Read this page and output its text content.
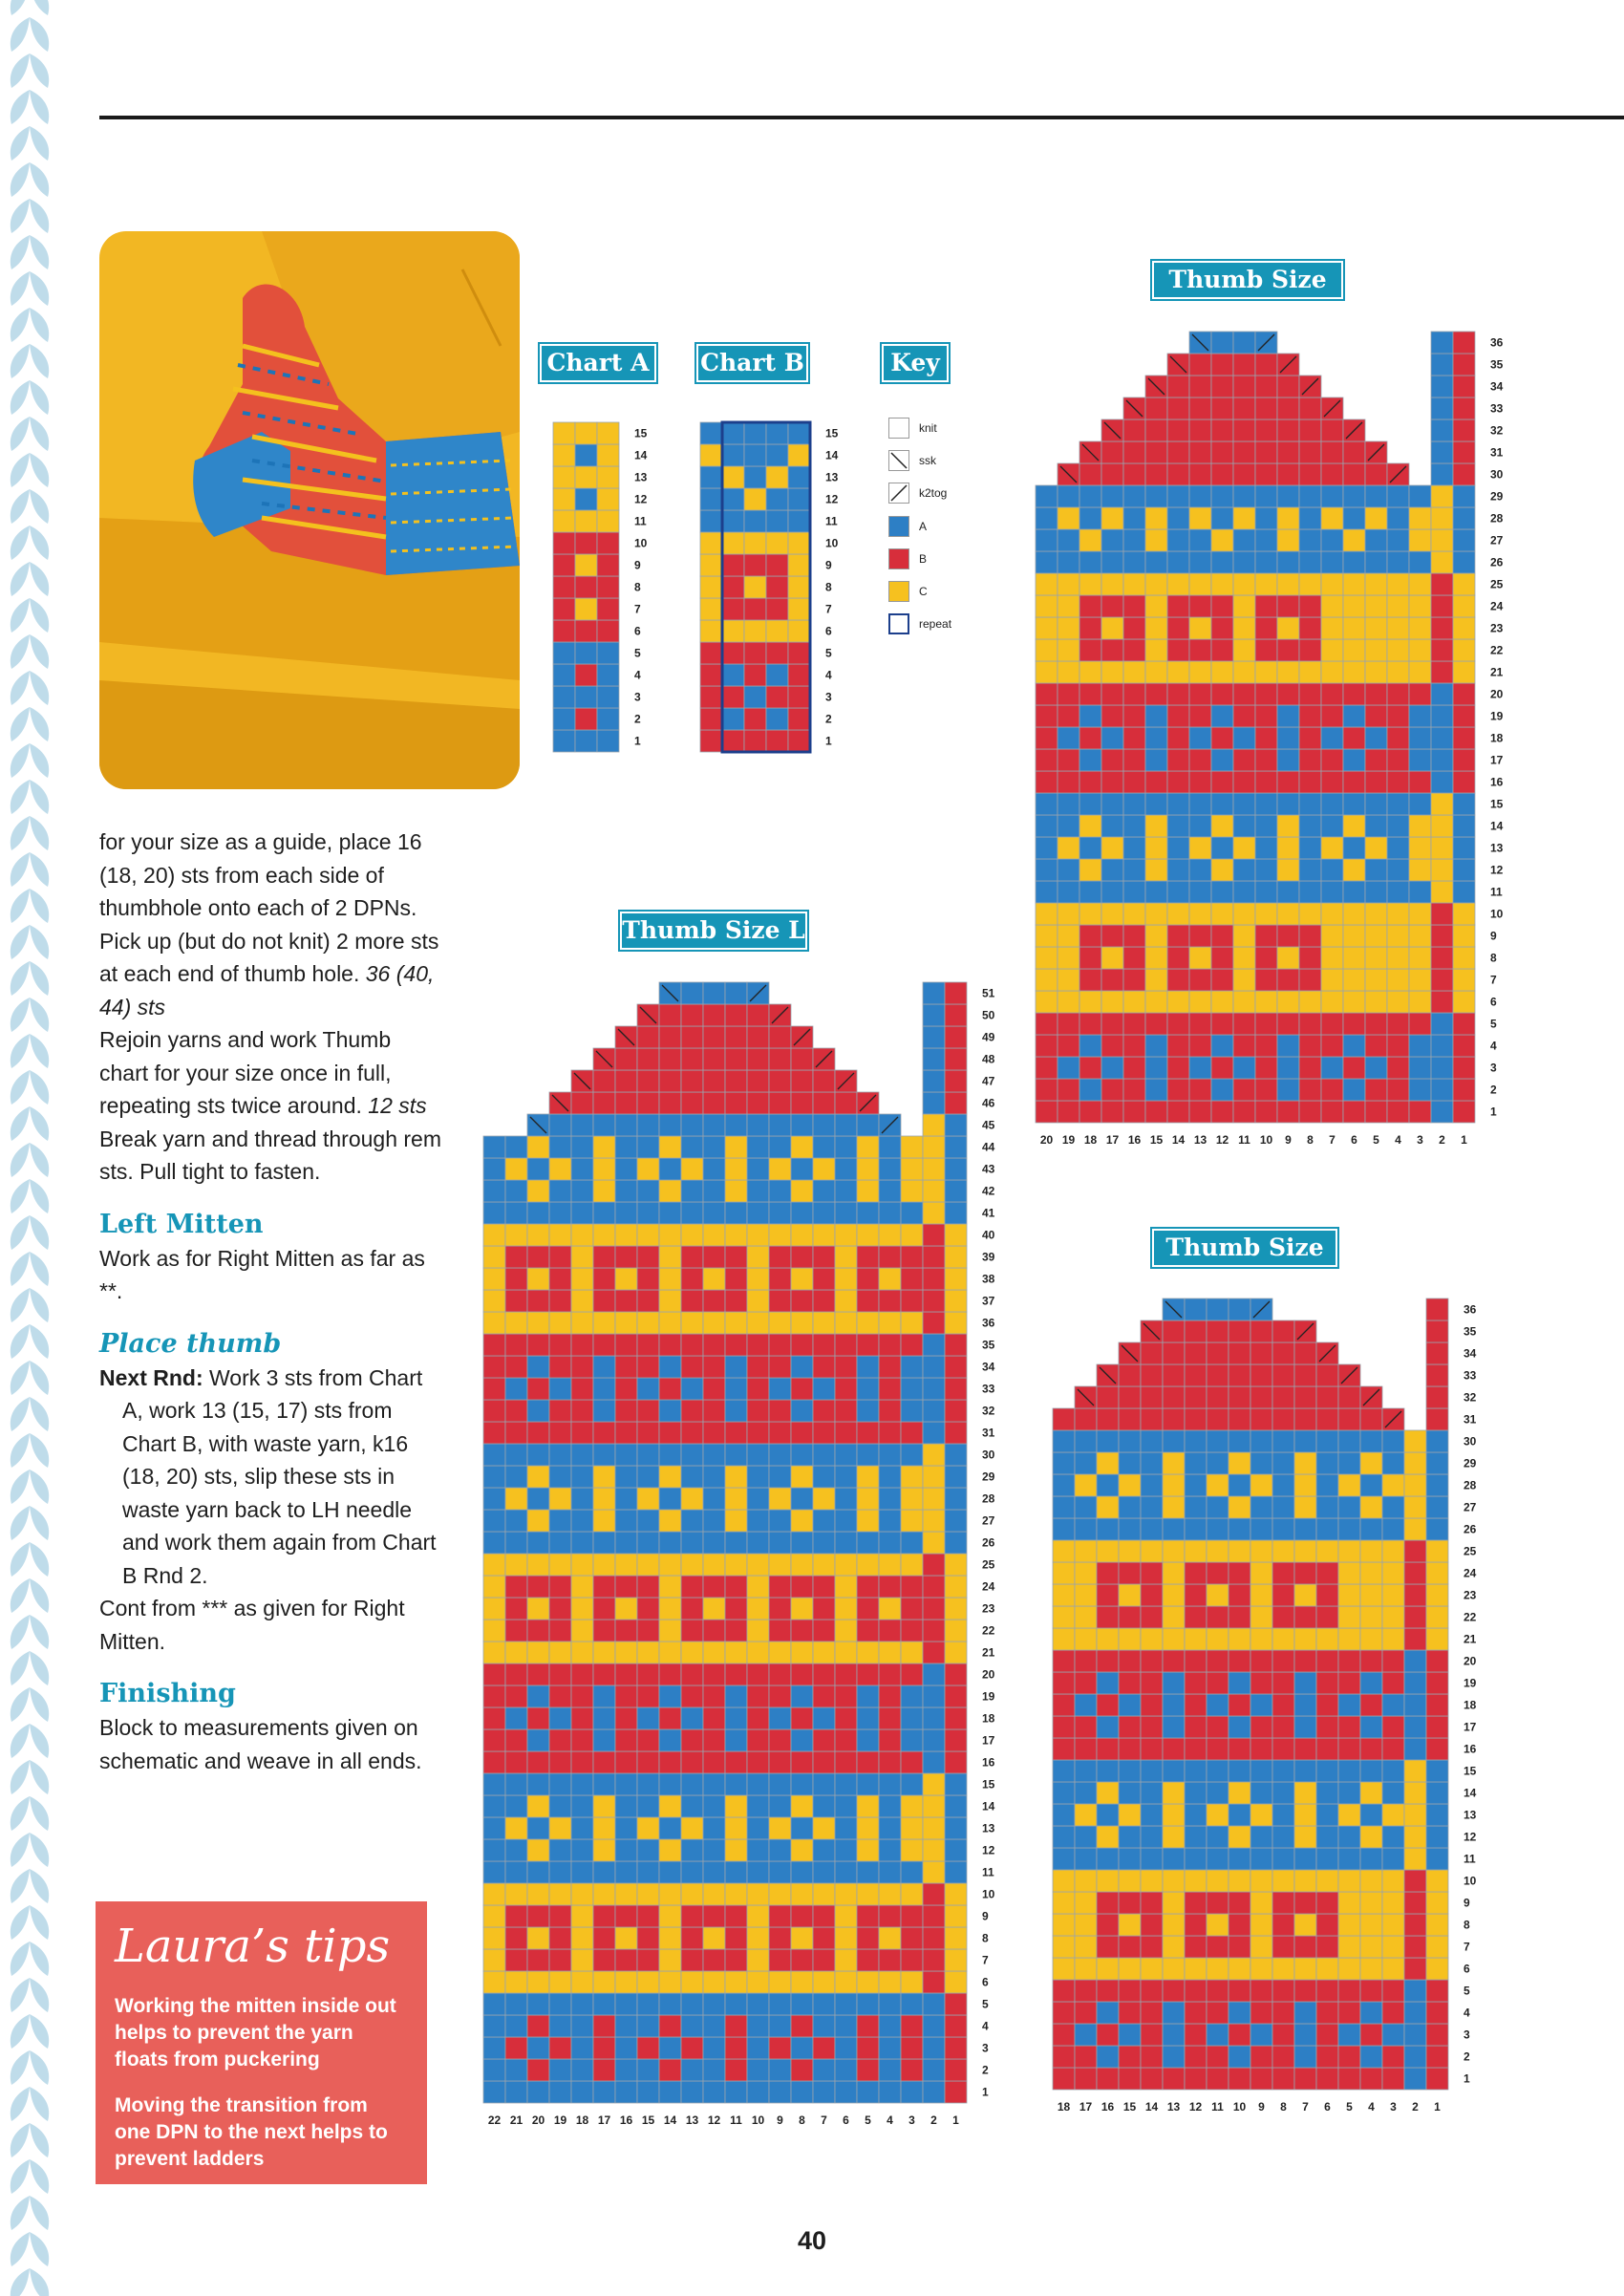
Chart A Chart B	Key
Thumb Size M
Thumb Size L
Thumb Size S
knit
ssk
k2tog
A
B
C
repeat
1
2
3
4
5
6
7
8
9
10
11
12
13
14
15
1
2
3
4
5
6
7
8
9
10
11
12
13
14
15
1
2
3
4
5
6
7
8
9
10
11
12
13
14
15
16
17
18
19
20
21
22
23
24
25
26
27
28
29
30
31
32
33
34
35
36
37
38
39
40
41
42
43
44
45
46
47
48
49
50
51
22 21 20 19 18 17 16 15 14 13 12 11 10 9 8 7 6 5 4 3 2 1
1
2
3
4
5
6
7
8
9
10
11
12
13
14
15
16
17
18
19
20
21
22
23
24
25
26
27
28
29
30
31
32
33
34
35
36
20 19 18 17 16 15 14 13 12 11 10 9 8 7 6 5 4 3 2 1
1
2
3
4
5
6
7
8
9
10
11
12
13
14
15
16
17
18
19
20
21
22
23
24
25
26
27
28
29
30
31
32
33
34
35
36
18 17 16 15 14 13 12 11 10 9 8 7 6 5 4 3 2 1

for your size as a guide, place 16 (18, 20) sts from each side of thumbhole onto each of 2 DPNs. Pick up (but do not knit) 2 more sts at each end of thumb hole. 36 (40, 44) sts

Rejoin yarns and work Thumb chart for your size once in full, repeating sts twice around. 12 sts

Break yarn and thread through rem sts. Pull tight to fasten.

Left Mitten

Work as for Right Mitten as far as **.

Place thumb

Next Rnd: Work 3 sts from Chart A, work 13 (15, 17) sts from Chart B, with waste yarn, k16 (18, 20) sts, slip these sts in waste yarn back to LH needle and work them again from Chart B Rnd 2.

Cont from *** as given for Right Mitten.

Finishing

Block to measurements given on schematic and weave in all ends.

Laura’s tips

Working the mitten inside out helps to prevent the yarn floats from puckering

Moving the transition from one DPN to the next helps to prevent ladders

40
